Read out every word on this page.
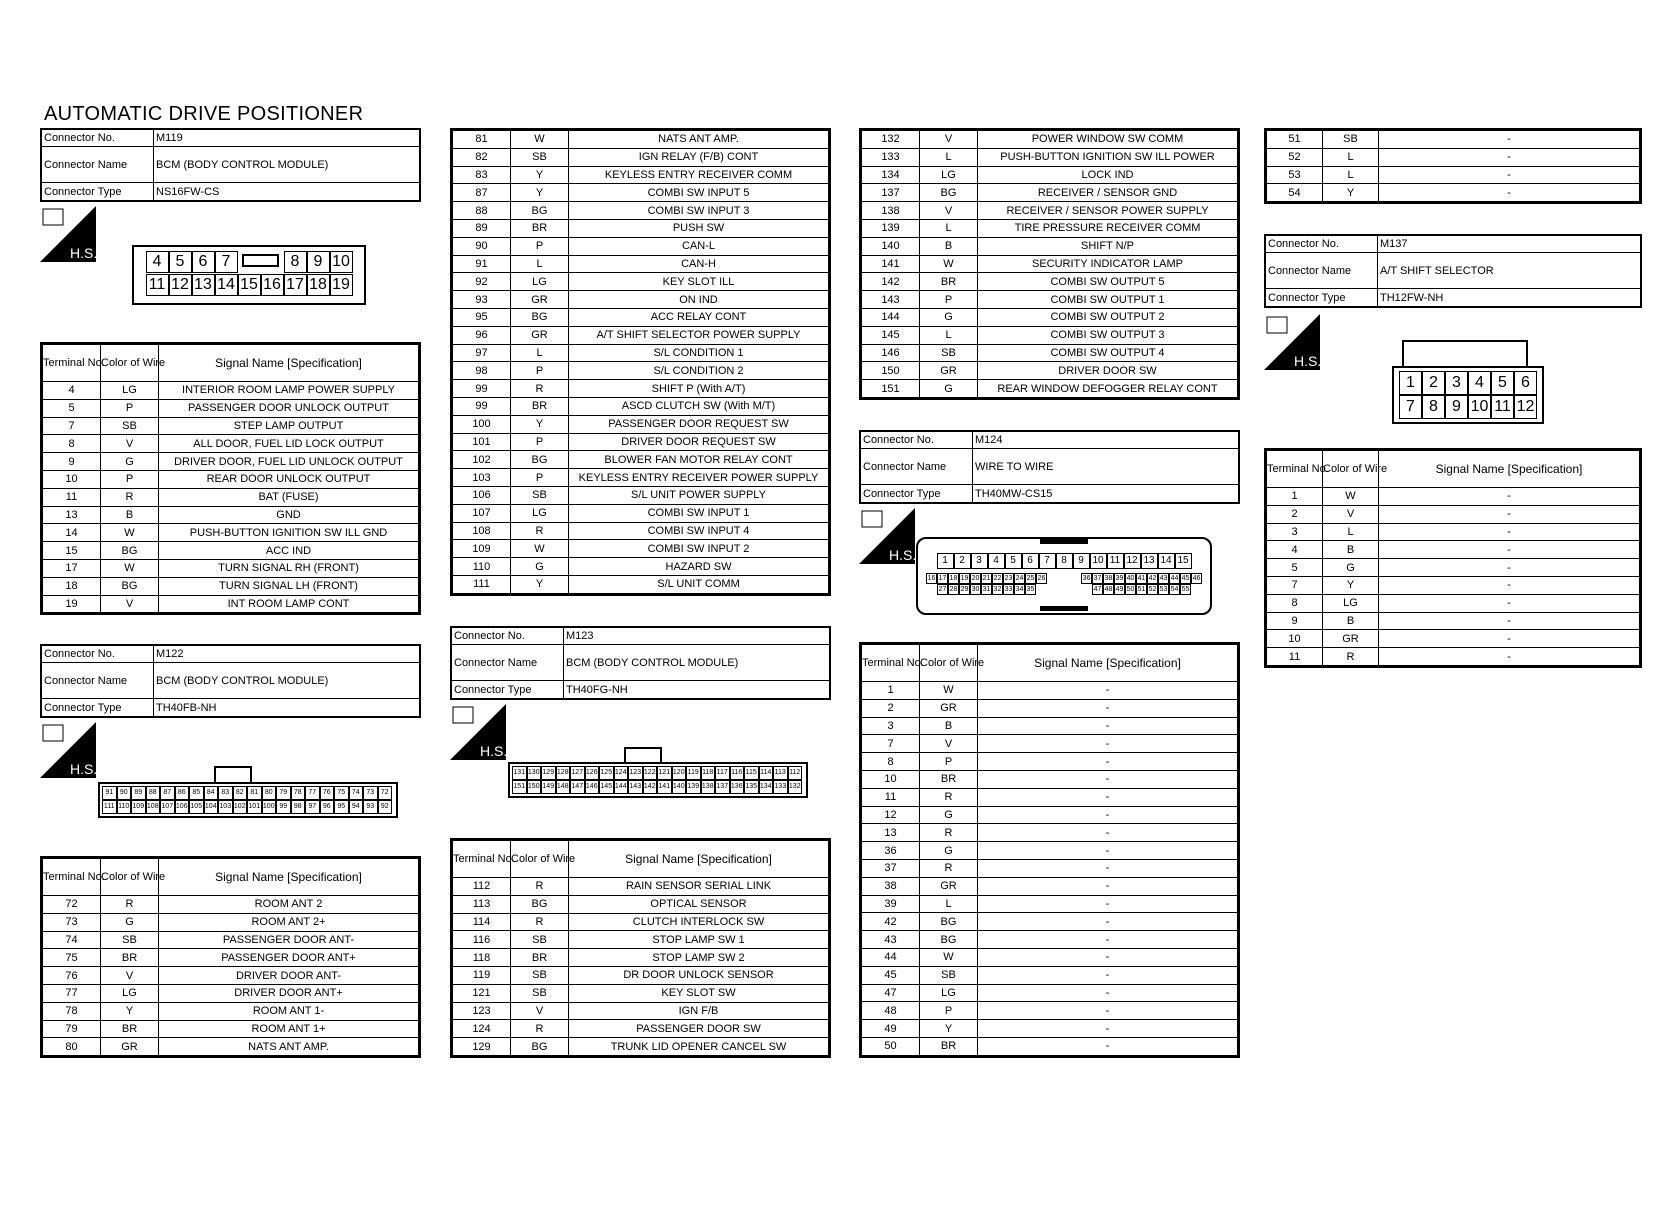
AUTOMATIC DRIVE POSITIONER
Connector No.	M119
Connector Name	BCM (BODY CONTROL MODULE)
Connector Type	NS16FW-CS
H.S.	4 5 6 7	8 9 10
11 12 13 14 15 16 17 18 19
Terminal No.	Color of Wire	Signal Name [Specification]
4	LG	INTERIOR ROOM LAMP POWER SUPPLY
5	P	PASSENGER DOOR UNLOCK OUTPUT
7	SB	STEP LAMP OUTPUT
8	V	ALL DOOR, FUEL LID LOCK OUTPUT
9	G	DRIVER DOOR, FUEL LID UNLOCK OUTPUT
10	P	REAR DOOR UNLOCK OUTPUT
11	R	BAT (FUSE)
13	B	GND
14	W	PUSH-BUTTON IGNITION SW ILL GND
15	BG	ACC IND
17	W	TURN SIGNAL RH (FRONT)
18	BG	TURN SIGNAL LH (FRONT)
19	V	INT ROOM LAMP CONT
Connector No.	M122
Connector Name	BCM (BODY CONTROL MODULE)
Connector Type	TH40FB-NH
H.S.
91 90 89 88 87 86 85 84 83 82 81 80 79 78 77 76 75 74 73 72
111 110 109 108 107 106 105 104 103 102 101 100 99 98 97 96 95 94 93 92
Terminal No.	Color of Wire	Signal Name [Specification]
72	R	ROOM ANT 2
73	G	ROOM ANT 2+
74	SB	PASSENGER DOOR ANT-
75	BR	PASSENGER DOOR ANT+
76	V	DRIVER DOOR ANT-
77	LG	DRIVER DOOR ANT+
78	Y	ROOM ANT 1-
79	BR	ROOM ANT 1+
80	GR	NATS ANT AMP.
81	W	NATS ANT AMP.
82	SB	IGN RELAY (F/B) CONT
83	Y	KEYLESS ENTRY RECEIVER COMM
87	Y	COMBI SW INPUT 5
88	BG	COMBI SW INPUT 3
89	BR	PUSH SW
90	P	CAN-L
91	L	CAN-H
92	LG	KEY SLOT ILL
93	GR	ON IND
95	BG	ACC RELAY CONT
96	GR	A/T SHIFT SELECTOR POWER SUPPLY
97	L	S/L CONDITION 1
98	P	S/L CONDITION 2
99	R	SHIFT P (With A/T)
99	BR	ASCD CLUTCH SW (With M/T)
100	Y	PASSENGER DOOR REQUEST SW
101	P	DRIVER DOOR REQUEST SW
102	BG	BLOWER FAN MOTOR RELAY CONT
103	P	KEYLESS ENTRY RECEIVER POWER SUPPLY
106	SB	S/L UNIT POWER SUPPLY
107	LG	COMBI SW INPUT 1
108	R	COMBI SW INPUT 4
109	W	COMBI SW INPUT 2
110	G	HAZARD SW
111	Y	S/L UNIT COMM
Connector No.	M123
Connector Name	BCM (BODY CONTROL MODULE)
Connector Type	TH40FG-NH
H.S.
131 130 129 128 127 126 125 124 123 122 121 120 119 118 117 116 115 114 113 112
151 150 149 148 147 146 145 144 143 142 141 140 139 138 137 136 135 134 133 132
Terminal No.	Color of Wire	Signal Name [Specification]
112	R	RAIN SENSOR SERIAL LINK
113	BG	OPTICAL SENSOR
114	R	CLUTCH INTERLOCK SW
116	SB	STOP LAMP SW 1
118	BR	STOP LAMP SW 2
119	SB	DR DOOR UNLOCK SENSOR
121	SB	KEY SLOT SW
123	V	IGN F/B
124	R	PASSENGER DOOR SW
129	BG	TRUNK LID OPENER CANCEL SW
132	V	POWER WINDOW SW COMM
133	L	PUSH-BUTTON IGNITION SW ILL POWER
134	LG	LOCK IND
137	BG	RECEIVER / SENSOR GND
138	V	RECEIVER / SENSOR POWER SUPPLY
139	L	TIRE PRESSURE RECEIVER COMM
140	B	SHIFT N/P
141	W	SECURITY INDICATOR LAMP
142	BR	COMBI SW OUTPUT 5
143	P	COMBI SW OUTPUT 1
144	G	COMBI SW OUTPUT 2
145	L	COMBI SW OUTPUT 3
146	SB	COMBI SW OUTPUT 4
150	GR	DRIVER DOOR SW
151	G	REAR WINDOW DEFOGGER RELAY CONT
Connector No.	M124
Connector Name	WIRE TO WIRE
Connector Type	TH40MW-CS15
H.S.	1	2	3	4	5	6	7	8	9 10 11 12 13 14 15
16 17 18 19 20 21 22 23 24 25 26
27 28 29 30 31 32 33 34 35
36 37 38 39 40 41 42 43 44 45 46
47 48 49 50 51 52 53 54 55
Terminal No.	Color of Wire	Signal Name [Specification]
1	W	-
2	GR	-
3	B	-
7	V	-
8	P	-
10	BR	-
11	R	-
12	G	-
13	R	-
36	G	-
37	R	-
38	GR	-
39	L	-
42	BG	-
43	BG	-
44	W	-
45	SB	-
47	LG	-
48	P	-
49	Y	-
50	BR	-
51	SB	-
52	L	-
53	L	-
54	Y	-
Connector No.	M137
Connector Name	A/T SHIFT SELECTOR
Connector Type	TH12FW-NH
H.S.
1 2 3 4 5 6
7 8 9 10 11 12
Terminal No.	Color of Wire	Signal Name [Specification]
1	W	-
2	V	-
3	L	-
4	B	-
5	G	-
7	Y	-
8	LG	-
9	B	-
10	GR	-
11	R	-
